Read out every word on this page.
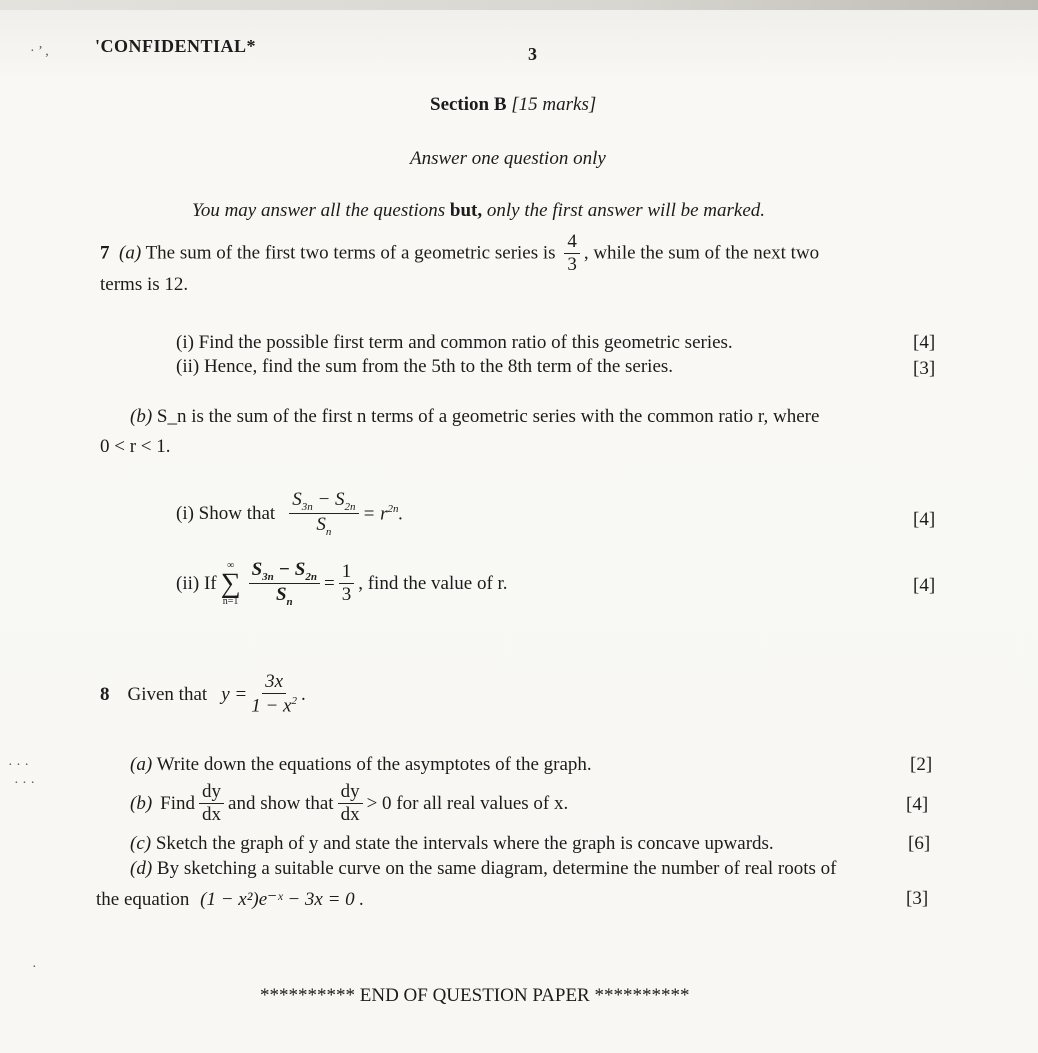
· ’ ,	'CONFIDENTIAL*	3
Section B [15 marks]
Answer one question only
You may answer all the questions but, only the first answer will be marked.
7 (a) The sum of the first two terms of a geometric series is $\frac{4}{3}$ , while the sum of the next two
terms is 12.
(i) Find the possible first term and common ratio of this geometric series.	[4]
(ii) Hence, find the sum from the 5th to the 8th term of the series.	[3]
(b) S_n is the sum of the first n terms of a geometric series with the common ratio r, where
0 < r < 1.
(i) Show that $\frac{S_{3n} - S_{2n}}{S_n} = r^{2n}$.	[4]
(ii) If
∞
∑
$n=1 \frac{S_{3n} - S_{2n}}{S_n} = \frac{1}{3}$ , find the value of r.	[4]
8 Given that $y = \frac{3x}{1 - x^2}$ .
· · ·
· · ·
(a) Write down the equations of the asymptotes of the graph.	[2]
(b) Find $\frac{dy}{dx}$ and show that $\frac{dy}{dx} > 0$ for all real values of x.	[4]
(c) Sketch the graph of y and state the intervals where the graph is concave upwards.	[6]
(d) By sketching a suitable curve on the same diagram, determine the number of real roots of
the equation (1 − x²)e⁻ˣ − 3x = 0 .	[3]
·
********** END OF QUESTION PAPER **********
